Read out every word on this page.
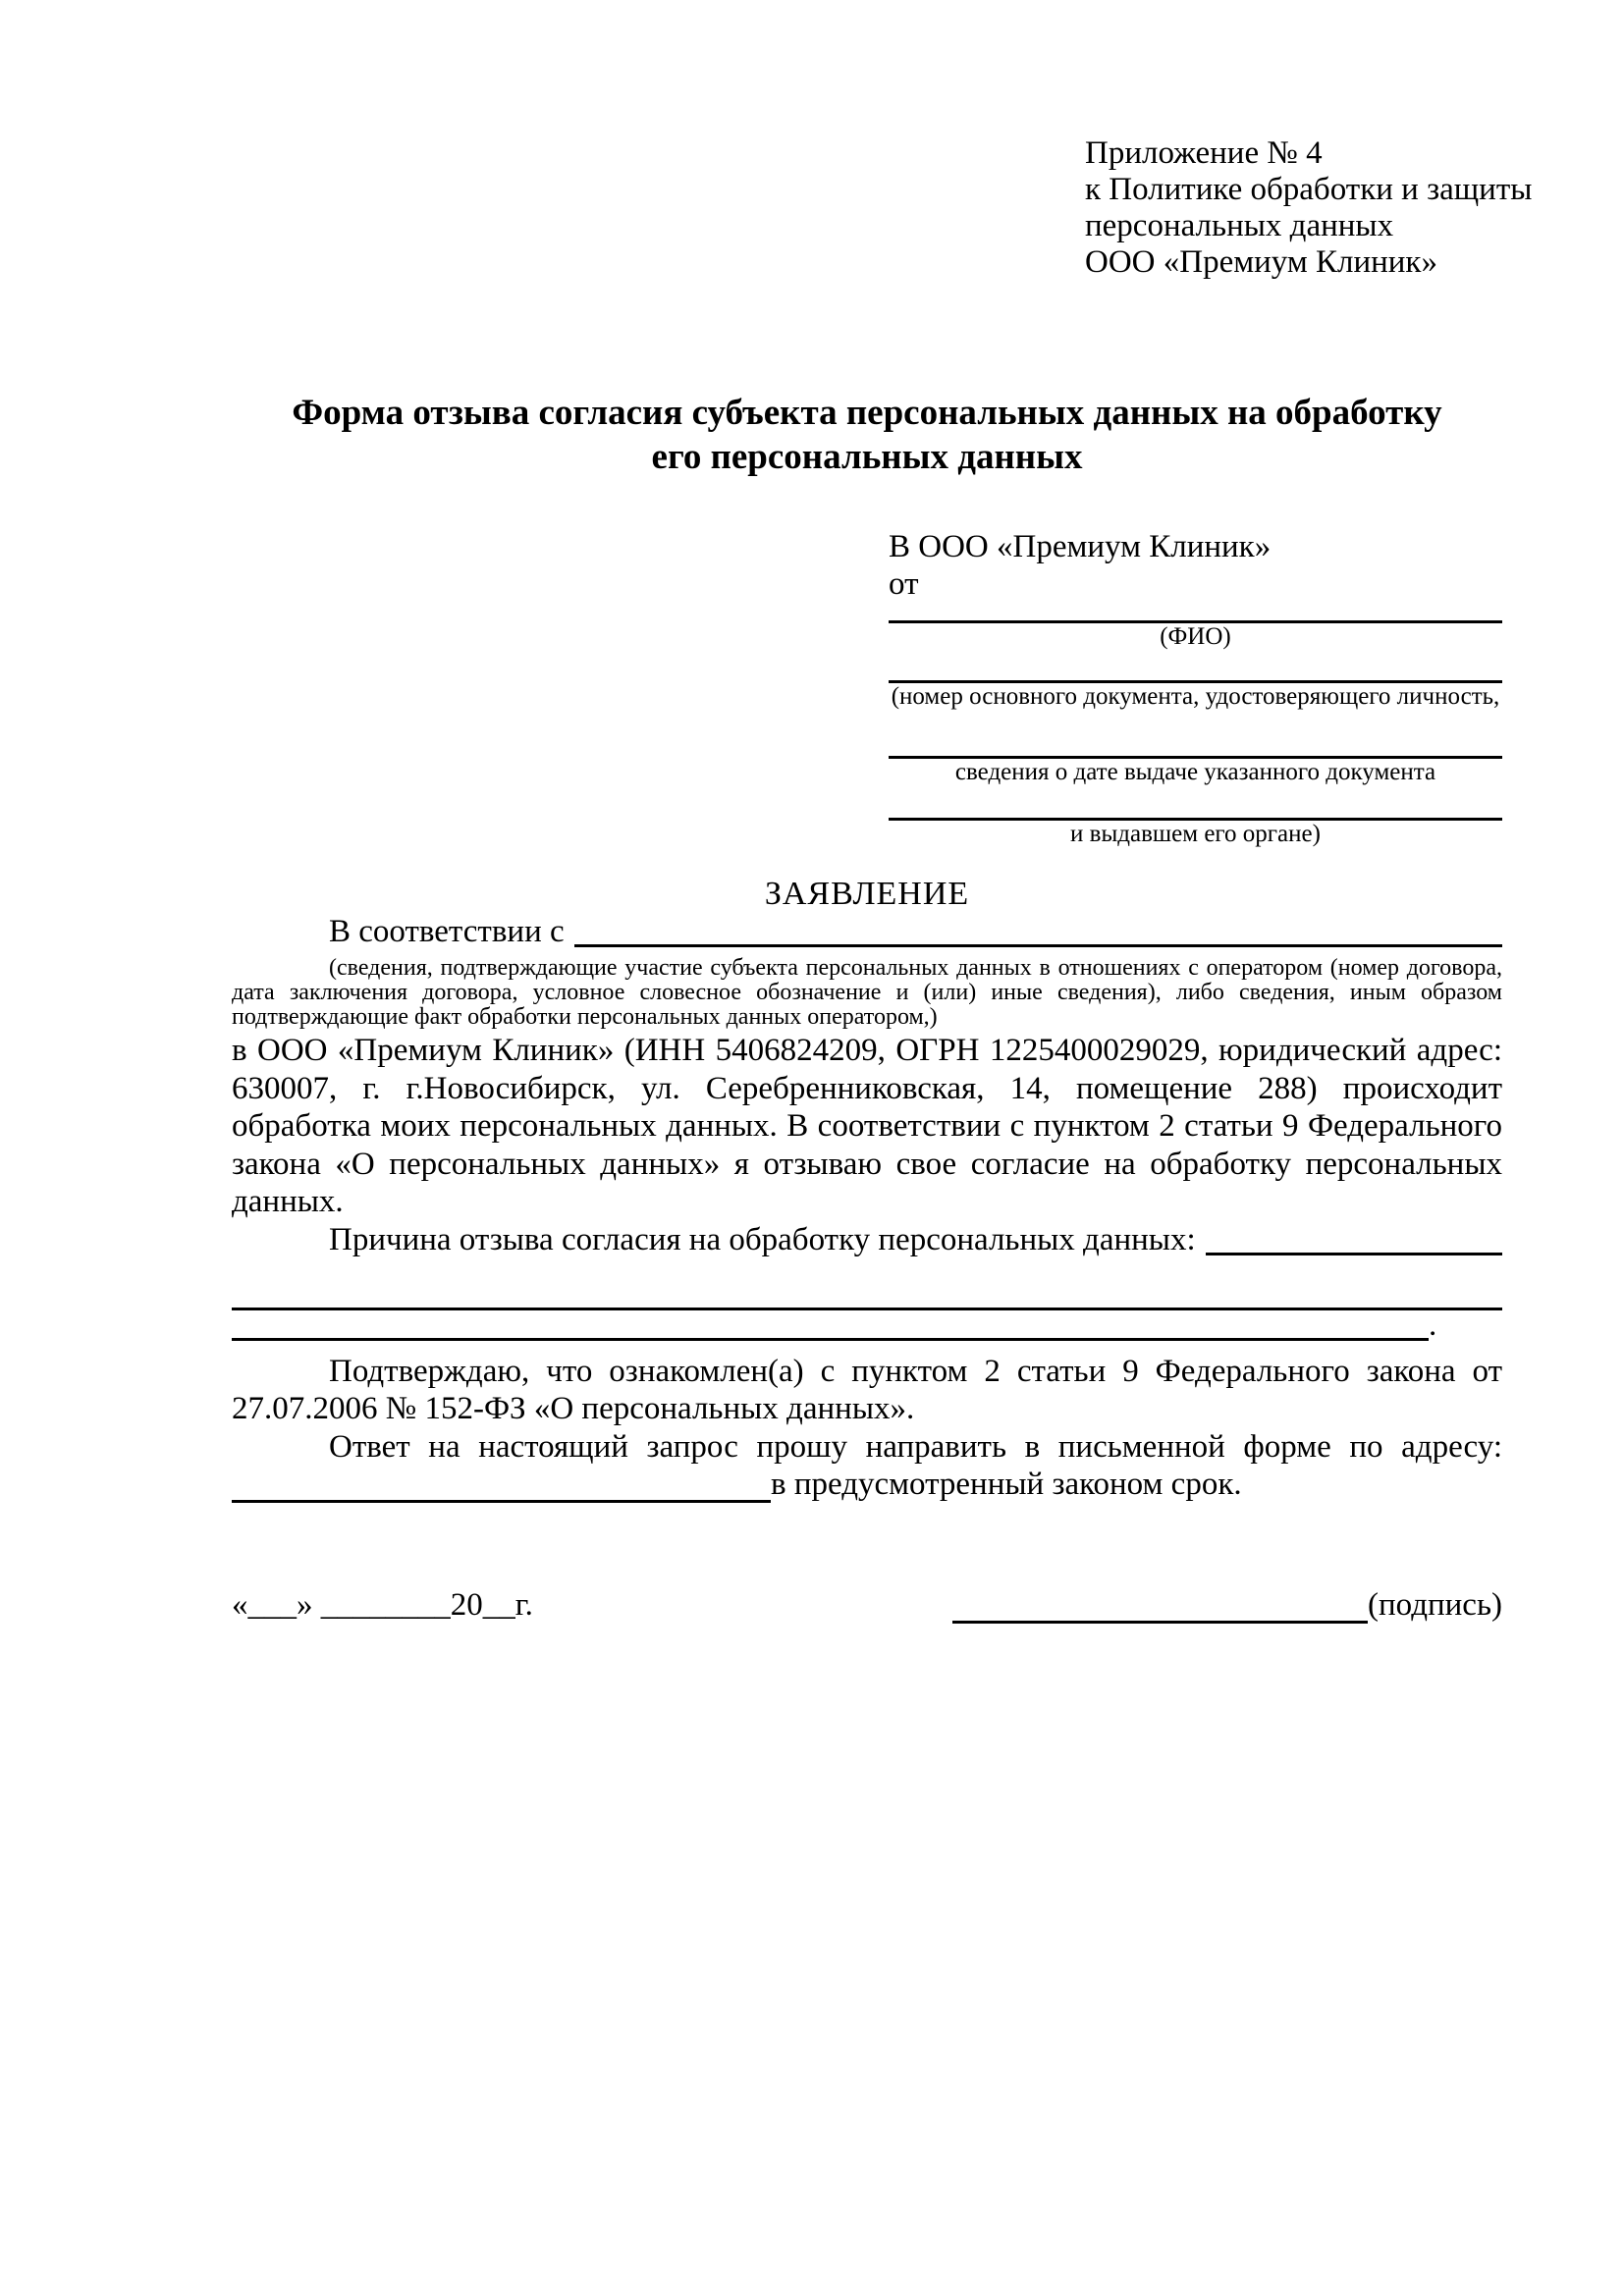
Приложение № 4
к Политике обработки и защиты
персональных данных
ООО «Премиум Клиник»
Форма отзыва согласия субъекта персональных данных на обработку
его персональных данных
В ООО «Премиум Клиник»
от
(ФИО)
(номер основного документа, удостоверяющего личность,
сведения о дате выдаче указанного документа
и выдавшем его органе)
ЗАЯВЛЕНИЕ
В соответствии с

(сведения, подтверждающие участие субъекта персональных данных в отношениях с оператором (номер договора, дата заключения договора, условное словесное обозначение и (или) иные сведения), либо сведения, иным образом подтверждающие факт обработки персональных данных оператором,)

в ООО «Премиум Клиник» (ИНН 5406824209, ОГРН 1225400029029, юридический адрес: 630007, г. г.Новосибирск, ул. Серебренниковская, 14, помещение 288) происходит обработка моих персональных данных. В соответствии с пунктом 2 статьи 9 Федерального закона «О персональных данных» я отзываю свое согласие на обработку персональных данных.

Причина отзыва согласия на обработку персональных данных:
.

Подтверждаю, что ознакомлен(а) с пунктом 2 статьи 9 Федерального закона от 27.07.2006 № 152-ФЗ «О персональных данных».

Ответ на настоящий запрос прошу направить в письменной форме по адресу:

в предусмотренный законом срок.
«___» ________20__г.	(подпись)
